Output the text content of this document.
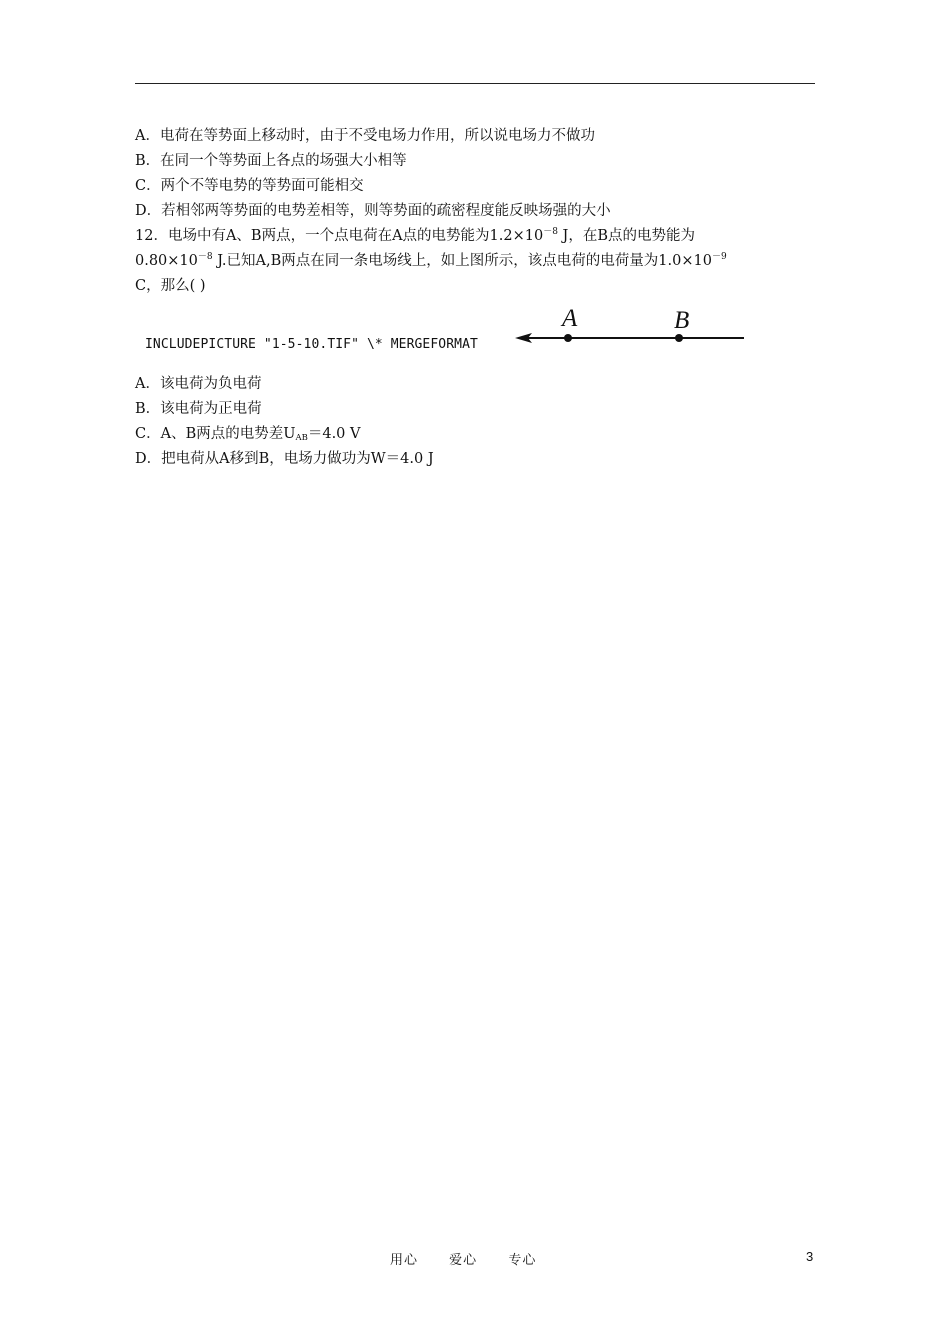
A．电荷在等势面上移动时，由于不受电场力作用，所以说电场力不做功
B．在同一个等势面上各点的场强大小相等
C．两个不等电势的等势面可能相交
D．若相邻两等势面的电势差相等，则等势面的疏密程度能反映场强的大小
12．电场中有A、B两点，一个点电荷在A点的电势能为$1.2\times 10^{-8}$ J，在B点的电势能为
$0.80\times 10^{-8}$ J.已知A,B两点在同一条电场线上，如上图所示，该点电荷的电荷量为$1.0\times 10^{-9}$
C，那么( )
INCLUDEPICTURE "1-5-10.TIF" \* MERGEFORMAT
A	B
A．该电荷为负电荷
B．该电荷为正电荷
C．A、B两点的电势差$U_{AB}=4.0$ V
D．把电荷从A移到B，电场力做功为W＝4.0 J
用心 爱心 专心	3
